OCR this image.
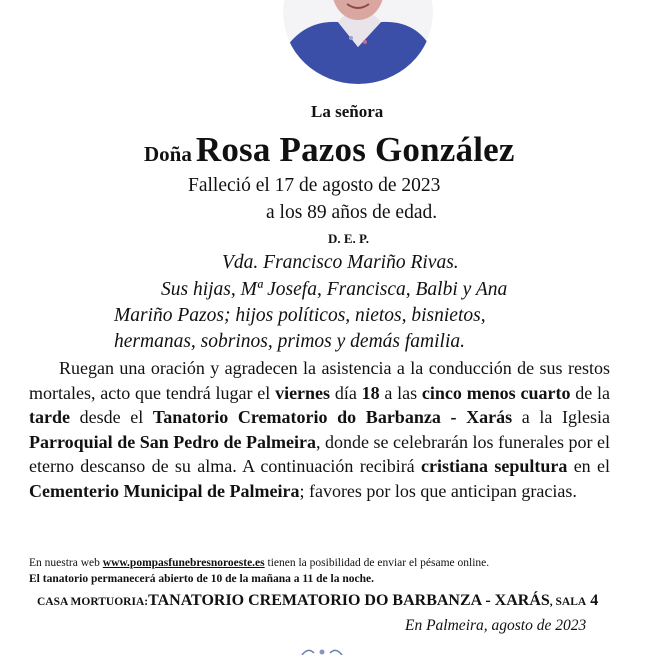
La señora
Doña Rosa Pazos González
Falleció el 17 de agosto de 2023
a los 89 años de edad.
D. E. P.
Vda. Francisco Mariño Rivas.
Sus hijas, Mª Josefa, Francisca, Balbi y Ana
Mariño Pazos; hijos políticos, nietos, bisnietos,
hermanas, sobrinos, primos y demás familia.
Ruegan una oración y agradecen la asistencia a la conducción de sus restos mortales, acto que tendrá lugar el viernes día 18 a las cinco menos cuarto de la tarde desde el Tanatorio Crematorio do Barbanza - Xarás a la Iglesia Parroquial de San Pedro de Palmeira, donde se celebrarán los funerales por el eterno descanso de su alma. A continuación recibirá cristiana sepultura en el Cementerio Municipal de Palmeira; favores por los que anticipan gracias.
En nuestra web www.pompasfunebresnoroeste.es tienen la posibilidad de enviar el pésame online.
El tanatorio permanecerá abierto de 10 de la mañana a 11 de la noche.
CASA MORTUORIA:TANATORIO CREMATORIO DO BARBANZA - XARÁS, SALA 4
En Palmeira, agosto de 2023
